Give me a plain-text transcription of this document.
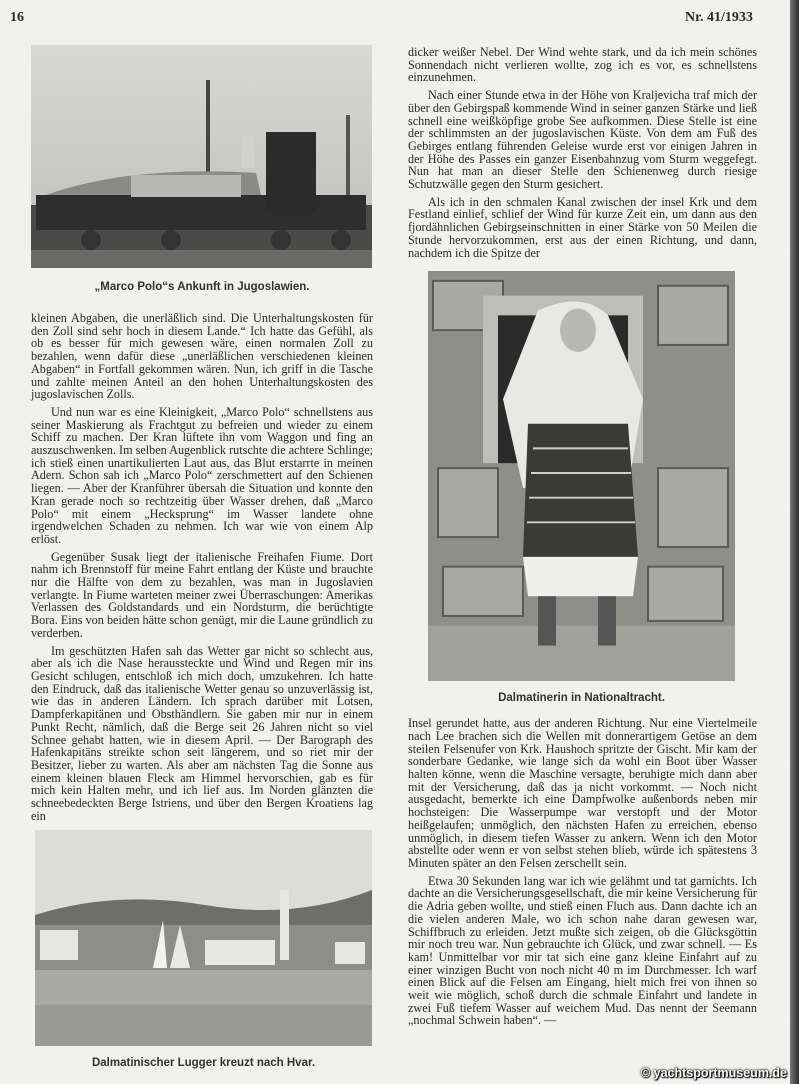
16	Nr. 41/1933
„Marco Polo“s Ankunft in Jugoslawien.

kleinen Abgaben, die unerläßlich sind. Die Unterhaltungskosten für den Zoll sind sehr hoch in diesem Lande.“ Ich hatte das Gefühl, als ob es besser für mich gewesen wäre, einen normalen Zoll zu bezahlen, wenn dafür diese „unerläßlichen verschiedenen kleinen Abgaben“ in Fortfall gekommen wären. Nun, ich griff in die Tasche und zahlte meinen Anteil an den hohen Unterhaltungskosten des jugoslavischen Zolls.

Und nun war es eine Kleinigkeit, „Marco Polo“ schnellstens aus seiner Maskierung als Frachtgut zu befreien und wieder zu einem Schiff zu machen. Der Kran lüftete ihn vom Waggon und fing an auszuschwenken. Im selben Augenblick rutschte die achtere Schlinge; ich stieß einen unartikulierten Laut aus, das Blut erstarrte in meinen Adern. Schon sah ich „Marco Polo“ zerschmettert auf den Schienen liegen. — Aber der Kranführer übersah die Situation und konnte den Kran gerade noch so rechtzeitig über Wasser drehen, daß „Marco Polo“ mit einem „Hecksprung“ im Wasser landete ohne irgendwelchen Schaden zu nehmen. Ich war wie von einem Alp erlöst.

Gegenüber Susak liegt der italienische Freihafen Fiume. Dort nahm ich Brennstoff für meine Fahrt entlang der Küste und brauchte nur die Hälfte von dem zu bezahlen, was man in Jugoslavien verlangte. In Fiume warteten meiner zwei Überraschungen: Amerikas Verlassen des Goldstandards und ein Nordsturm, die berüchtigte Bora. Eins von beiden hätte schon genügt, mir die Laune gründlich zu verderben.

Im geschützten Hafen sah das Wetter gar nicht so schlecht aus, aber als ich die Nase heraussteckte und Wind und Regen mir ins Gesicht schlugen, entschloß ich mich doch, umzukehren. Ich hatte den Eindruck, daß das italienische Wetter genau so unzuverlässig ist, wie das in anderen Ländern. Ich sprach darüber mit Lotsen, Dampferkapitänen und Obsthändlern. Sie gaben mir nur in einem Punkt Recht, nämlich, daß die Berge seit 26 Jahren nicht so viel Schnee gehabt hatten, wie in diesem April. — Der Barograph des Hafenkapitäns streikte schon seit längerem, und so riet mir der Besitzer, lieber zu warten. Als aber am nächsten Tag die Sonne aus einem kleinen blauen Fleck am Himmel hervorschien, gab es für mich kein Halten mehr, und ich lief aus. Im Norden glänzten die schneebedeckten Berge Istriens, und über den Bergen Kroatiens lag ein

Dalmatinischer Lugger kreuzt nach Hvar.

dicker weißer Nebel. Der Wind wehte stark, und da ich mein schönes Sonnendach nicht verlieren wollte, zog ich es vor, es schnellstens einzunehmen.

Nach einer Stunde etwa in der Höhe von Kraljevicha traf mich der über den Gebirgspaß kommende Wind in seiner ganzen Stärke und ließ schnell eine weißköpfige grobe See aufkommen. Diese Stelle ist eine der schlimmsten an der jugoslavischen Küste. Von dem am Fuß des Gebirges entlang führenden Geleise wurde erst vor einigen Jahren in der Höhe des Passes ein ganzer Eisenbahnzug vom Sturm weggefegt. Nun hat man an dieser Stelle den Schienenweg durch riesige Schutzwälle gegen den Sturm gesichert.

Als ich in den schmalen Kanal zwischen der insel Krk und dem Festland einlief, schlief der Wind für kurze Zeit ein, um dann aus den fjordähnlichen Gebirgseinschnitten in einer Stärke von 50 Meilen die Stunde hervorzukommen, erst aus der einen Richtung, und dann, nachdem ich die Spitze der

Dalmatinerin in Nationaltracht.

Insel gerundet hatte, aus der anderen Richtung. Nur eine Viertelmeile nach Lee brachen sich die Wellen mit donnerartigem Getöse an dem steilen Felsenufer von Krk. Haushoch spritzte der Gischt. Mir kam der sonderbare Gedanke, wie lange sich da wohl ein Boot über Wasser halten könne, wenn die Maschine versagte, beruhigte mich dann aber mit der Versicherung, daß das ja nicht vorkommt. — Noch nicht ausgedacht, bemerkte ich eine Dampfwolke außenbords neben mir hochsteigen: Die Wasserpumpe war verstopft und der Motor heißgelaufen; unmöglich, den nächsten Hafen zu erreichen, ebenso unmöglich, in diesem tiefen Wasser zu ankern. Wenn ich den Motor abstellte oder wenn er von selbst stehen blieb, würde ich spätestens 3 Minuten später an den Felsen zerschellt sein.

Etwa 30 Sekunden lang war ich wie gelähmt und tat garnichts. Ich dachte an die Versicherungsgesellschaft, die mir keine Versicherung für die Adria geben wollte, und stieß einen Fluch aus. Dann dachte ich an die vielen anderen Male, wo ich schon nahe daran gewesen war, Schiffbruch zu erleiden. Jetzt mußte sich zeigen, ob die Glücksgöttin mir noch treu war. Nun gebrauchte ich Glück, und zwar schnell. — Es kam! Unmittelbar vor mir tat sich eine ganz kleine Einfahrt auf zu einer winzigen Bucht von noch nicht 40 m im Durchmesser. Ich warf einen Blick auf die Felsen am Eingang, hielt mich frei von ihnen so weit wie möglich, schoß durch die schmale Einfahrt und landete in zwei Fuß tiefem Wasser auf weichem Mud. Das nennt der Seemann „nochmal Schwein haben“. —

© yachtsportmuseum.de
